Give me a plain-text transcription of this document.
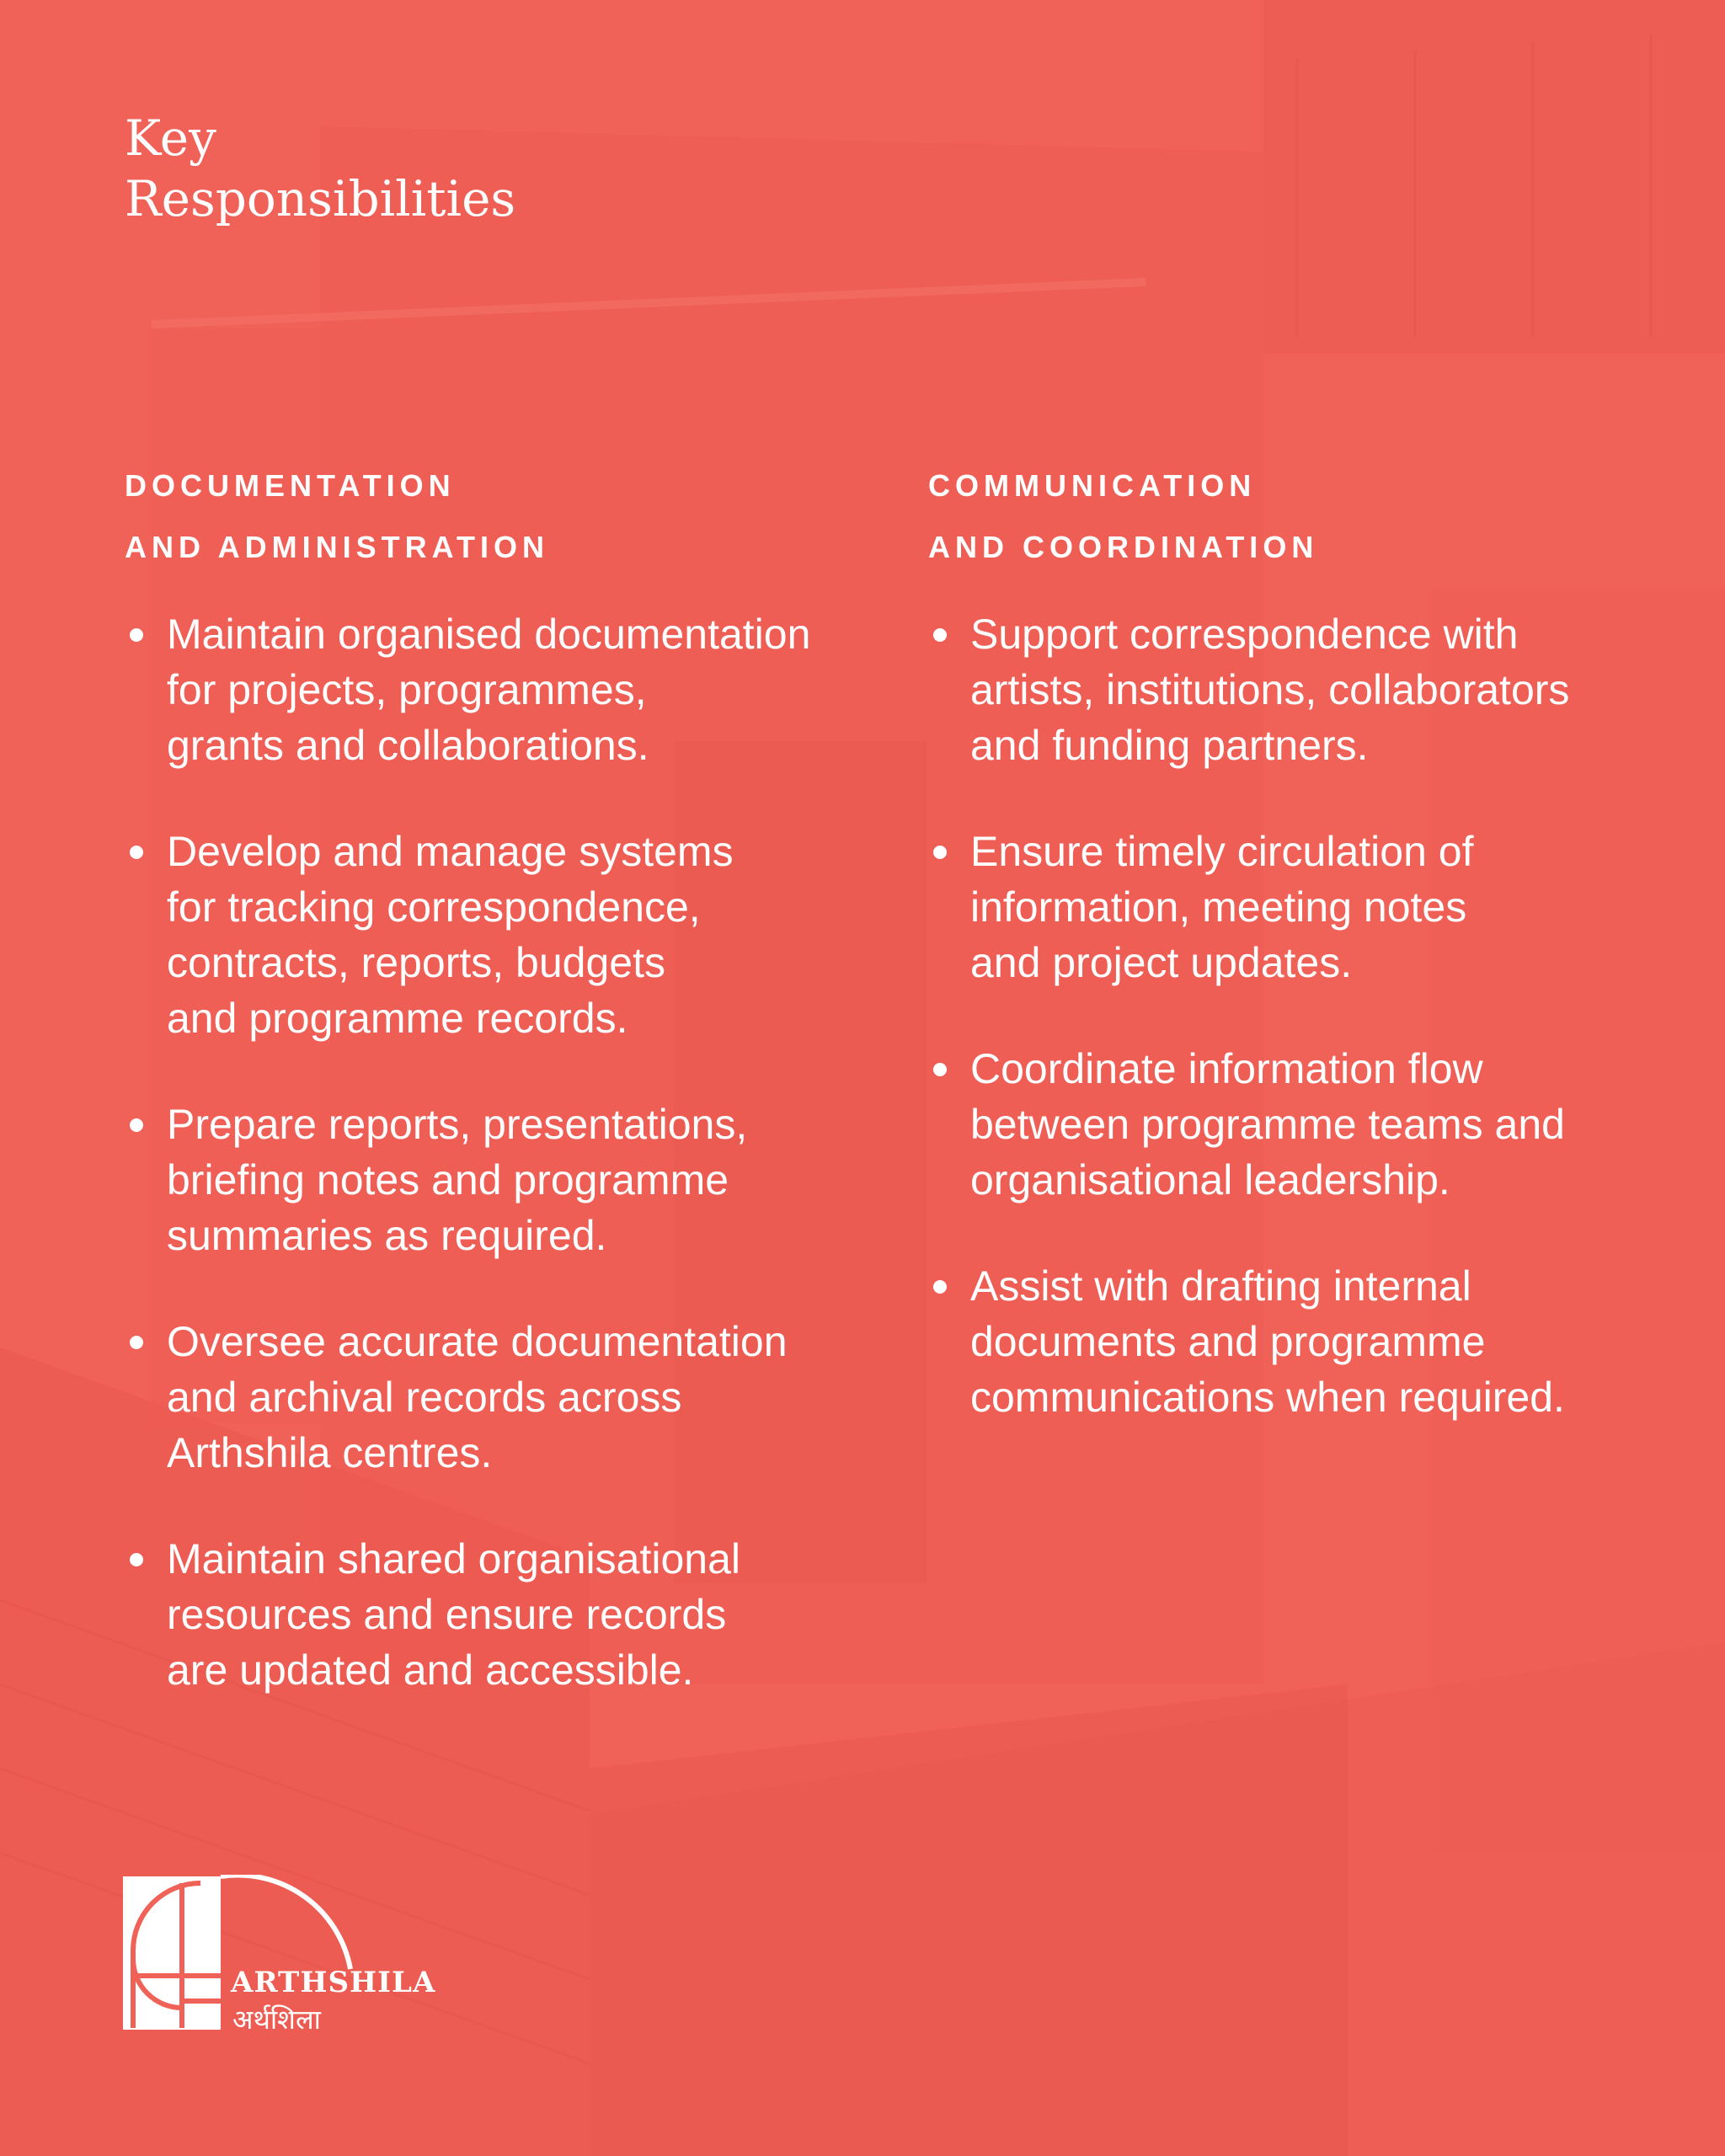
Key
Responsibilities
DOCUMENTATION
AND ADMINISTRATION
Maintain organised documentation
for projects, programmes,
grants and collaborations.
Develop and manage systems
for tracking correspondence,
contracts, reports, budgets
and programme records.
Prepare reports, presentations,
briefing notes and programme
summaries as required.
Oversee accurate documentation
and archival records across
Arthshila centres.
Maintain shared organisational
resources and ensure records
are updated and accessible.
COMMUNICATION
AND COORDINATION
Support correspondence with
artists, institutions, collaborators
and funding partners.
Ensure timely circulation of
information, meeting notes
and project updates.
Coordinate information flow
between programme teams and
organisational leadership.
Assist with drafting internal
documents and programme
communications when required.
ARTHSHILA
अर्थशिला
